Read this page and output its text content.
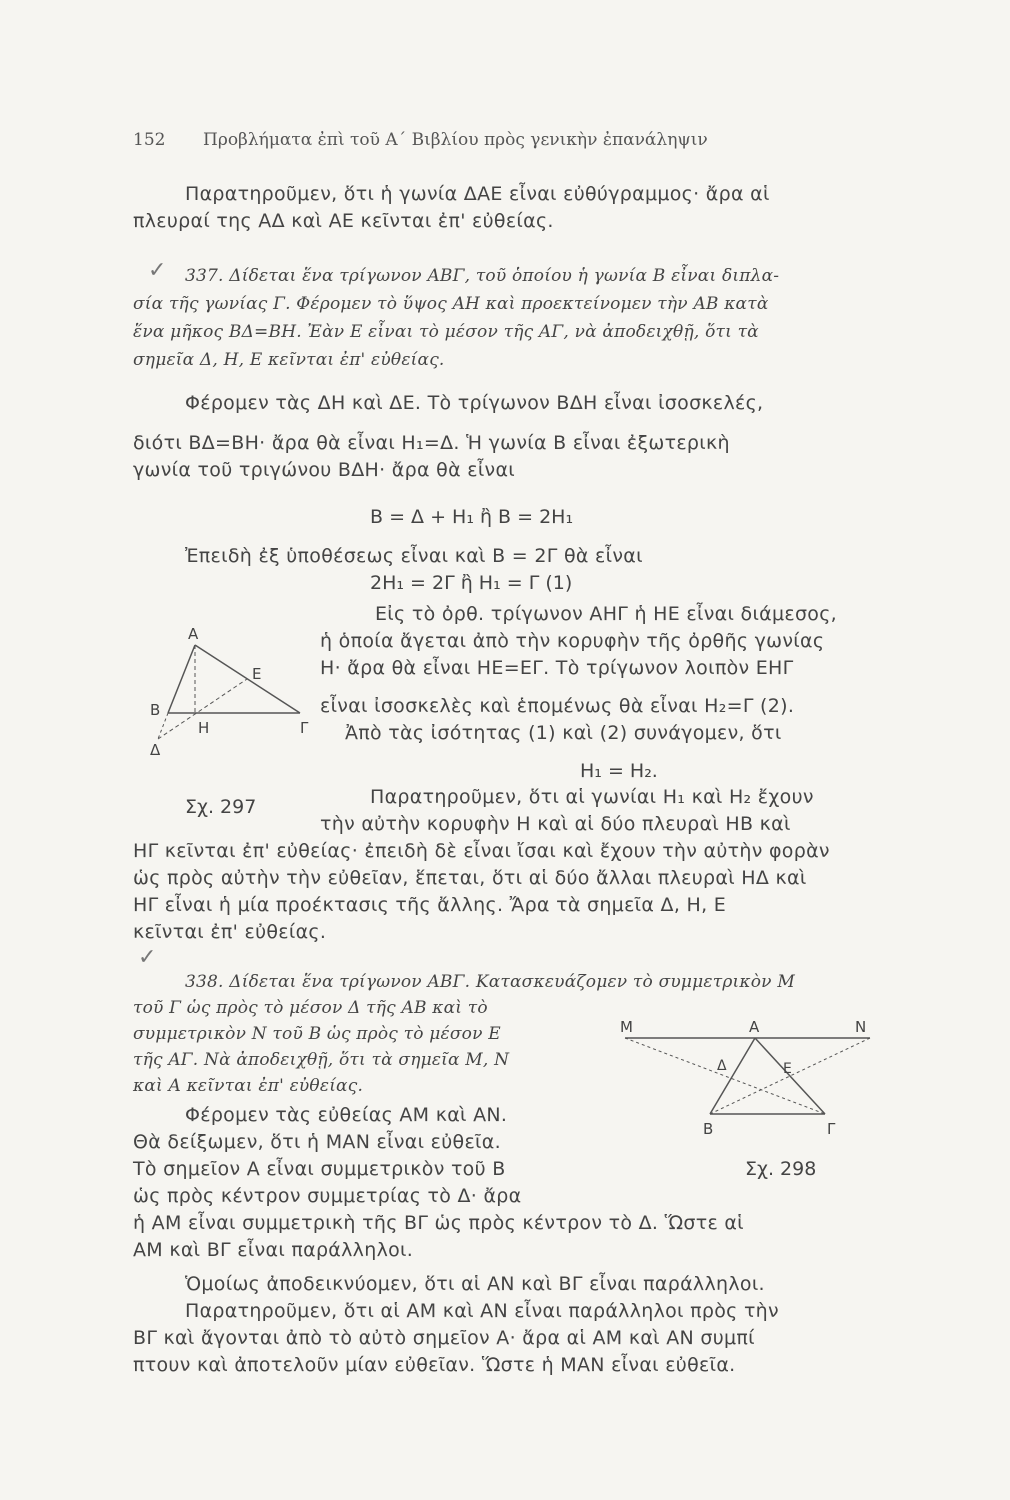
152 Προβλήματα ἐπὶ τοῦ Α΄ Βιβλίου πρὸς γενικὴν ἐπανάληψιν
Παρατηροῦμεν, ὅτι ἡ γωνία ΔΑΕ εἶναι εὐθύγραμμος· ἄρα αἱ
πλευραί της ΑΔ καὶ ΑΕ κεῖνται ἐπ' εὐθείας.
✓ 337. Δίδεται ἕνα τρίγωνον ΑΒΓ, τοῦ ὁποίου ἡ γωνία Β εἶναι διπλα-
σία τῆς γωνίας Γ. Φέρομεν τὸ ὕψος ΑΗ καὶ προεκτείνομεν τὴν ΑΒ κατὰ
ἕνα μῆκος ΒΔ=ΒΗ. Ἐὰν Ε εἶναι τὸ μέσον τῆς ΑΓ, νὰ ἀποδειχθῇ, ὅτι τὰ
σημεῖα Δ, Η, Ε κεῖνται ἐπ' εὐθείας.
Φέρομεν τὰς ΔΗ καὶ ΔΕ. Τὸ τρίγωνον ΒΔΗ εἶναι ἰσοσκελές,
διότι ΒΔ=ΒΗ· ἄρα θὰ εἶναι Η₁=Δ. Ἡ γωνία Β εἶναι ἐξωτερικὴ
γωνία τοῦ τριγώνου ΒΔΗ· ἄρα θὰ εἶναι
Β = Δ + Η₁ ἢ Β = 2Η₁
Ἐπειδὴ ἐξ ὑποθέσεως εἶναι καὶ Β = 2Γ θὰ εἶναι
2Η₁ = 2Γ ἢ Η₁ = Γ (1)
Εἰς τὸ ὀρθ. τρίγωνον ΑΗΓ ἡ ΗΕ εἶναι διάμεσος,
ἡ ὁποία ἄγεται ἀπὸ τὴν κορυφὴν τῆς ὀρθῆς γωνίας
Η· ἄρα θὰ εἶναι ΗΕ=ΕΓ. Τὸ τρίγωνον λοιπὸν ΕΗΓ
εἶναι ἰσοσκελὲς καὶ ἑπομένως θὰ εἶναι Η₂=Γ (2).
Ἀπὸ τὰς ἰσότητας (1) καὶ (2) συνάγομεν, ὅτι
Η₁ = Η₂.
Α
Β
Γ
Δ
Ε
Η
Σχ. 297	Παρατηροῦμεν, ὅτι αἱ γωνίαι Η₁ καὶ Η₂ ἔχουν
τὴν αὐτὴν κορυφὴν Η καὶ αἱ δύο πλευραὶ ΗΒ καὶ
ΗΓ κεῖνται ἐπ' εὐθείας· ἐπειδὴ δὲ εἶναι ἴσαι καὶ ἔχουν τὴν αὐτὴν φορὰν
ὡς πρὸς αὐτὴν τὴν εὐθεῖαν, ἕπεται, ὅτι αἱ δύο ἄλλαι πλευραὶ ΗΔ καὶ
ΗΓ εἶναι ἡ μία προέκτασις τῆς ἄλλης. Ἄρα τὰ σημεῖα Δ, Η, Ε
κεῖνται ἐπ' εὐθείας.
✓
338. Δίδεται ἕνα τρίγωνον ΑΒΓ. Κατασκευάζομεν τὸ συμμετρικὸν Μ
τοῦ Γ ὡς πρὸς τὸ μέσον Δ τῆς ΑΒ καὶ τὸ
συμμετρικὸν Ν τοῦ Β ὡς πρὸς τὸ μέσον Ε
τῆς ΑΓ. Νὰ ἀποδειχθῇ, ὅτι τὰ σημεῖα Μ, Ν
καὶ Α κεῖνται ἐπ' εὐθείας.
Μ	Α	Ν
Δ	Ε
Β	Γ
Σχ. 298
Φέρομεν τὰς εὐθείας ΑΜ καὶ ΑΝ.
Θὰ δείξωμεν, ὅτι ἡ ΜΑΝ εἶναι εὐθεῖα.
Τὸ σημεῖον Α εἶναι συμμετρικὸν τοῦ Β
ὡς πρὸς κέντρον συμμετρίας τὸ Δ· ἄρα
ἡ ΑΜ εἶναι συμμετρικὴ τῆς ΒΓ ὡς πρὸς κέντρον τὸ Δ. Ὥστε αἱ
ΑΜ καὶ ΒΓ εἶναι παράλληλοι.
Ὁμοίως ἀποδεικνύομεν, ὅτι αἱ ΑΝ καὶ ΒΓ εἶναι παράλληλοι.
Παρατηροῦμεν, ὅτι αἱ ΑΜ καὶ ΑΝ εἶναι παράλληλοι πρὸς τὴν
ΒΓ καὶ ἄγονται ἀπὸ τὸ αὐτὸ σημεῖον Α· ἄρα αἱ ΑΜ καὶ ΑΝ συμπί
πτουν καὶ ἀποτελοῦν μίαν εὐθεῖαν. Ὥστε ἡ ΜΑΝ εἶναι εὐθεῖα.
